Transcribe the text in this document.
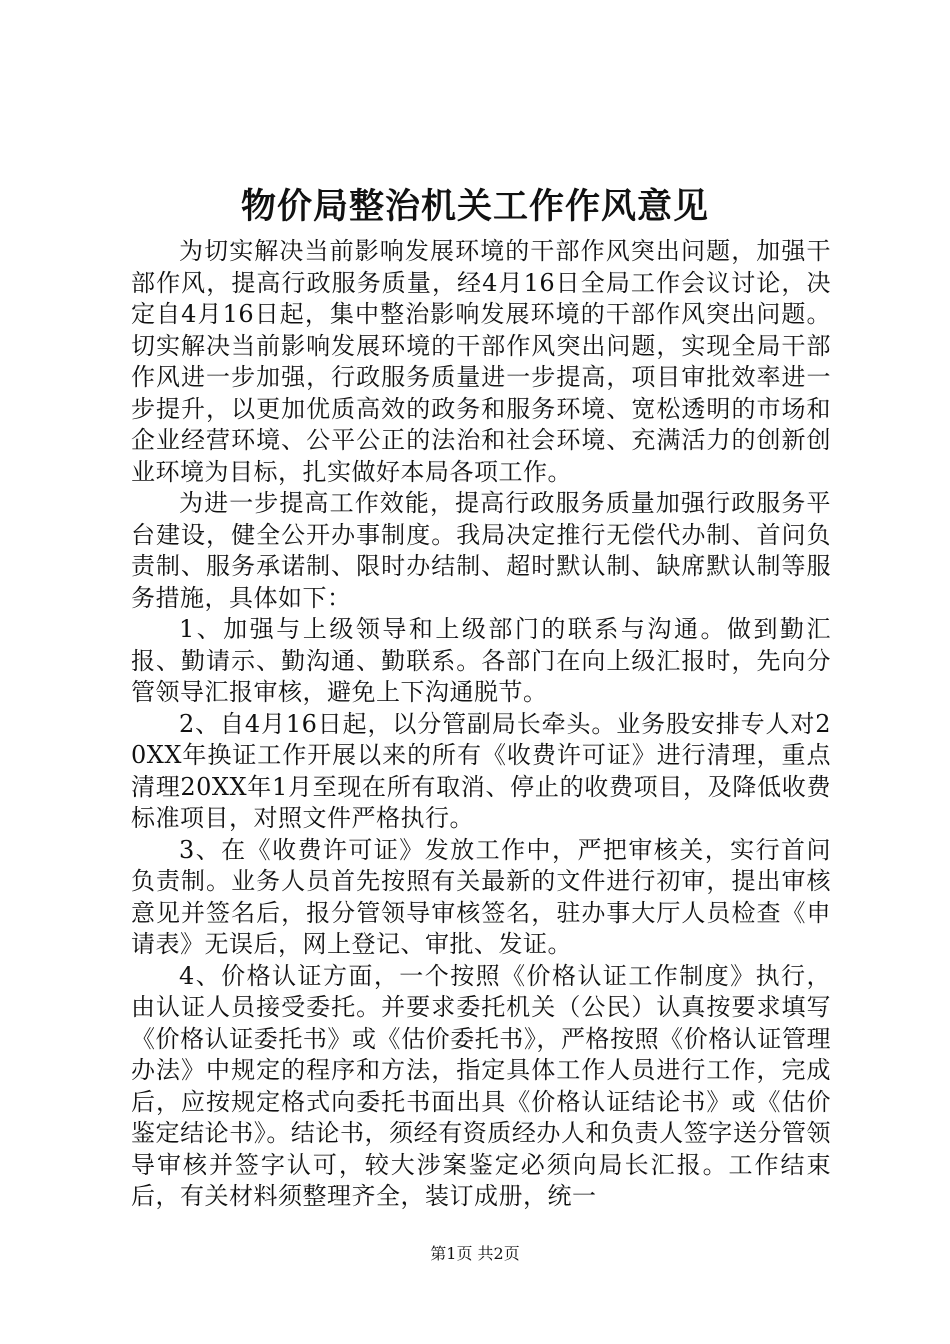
物价局整治机关工作作风意见

为切实解决当前影响发展环境的干部作风突出问题，加强干部作风，提高行政服务质量，经4月16日全局工作会议讨论，决定自4月16日起，集中整治影响发展环境的干部作风突出问题。切实解决当前影响发展环境的干部作风突出问题，实现全局干部作风进一步加强，行政服务质量进一步提高，项目审批效率进一步提升，以更加优质高效的政务和服务环境、宽松透明的市场和企业经营环境、公平公正的法治和社会环境、充满活力的创新创业环境为目标，扎实做好本局各项工作。

为进一步提高工作效能，提高行政服务质量加强行政服务平台建设，健全公开办事制度。我局决定推行无偿代办制、首问负责制、服务承诺制、限时办结制、超时默认制、缺席默认制等服务措施，具体如下：

1、加强与上级领导和上级部门的联系与沟通。做到勤汇报、勤请示、勤沟通、勤联系。各部门在向上级汇报时，先向分管领导汇报审核，避免上下沟通脱节。

2、自4月16日起，以分管副局长牵头。业务股安排专人对20XX年换证工作开展以来的所有《收费许可证》进行清理，重点清理20XX年1月至现在所有取消、停止的收费项目，及降低收费标准项目，对照文件严格执行。

3、在《收费许可证》发放工作中，严把审核关，实行首问负责制。业务人员首先按照有关最新的文件进行初审，提出审核意见并签名后，报分管领导审核签名，驻办事大厅人员检查《申请表》无误后，网上登记、审批、发证。

4、价格认证方面，一个按照《价格认证工作制度》执行，由认证人员接受委托。并要求委托机关（公民）认真按要求填写《价格认证委托书》或《估价委托书》，严格按照《价格认证管理办法》中规定的程序和方法，指定具体工作人员进行工作，完成后，应按规定格式向委托书面出具《价格认证结论书》或《估价鉴定结论书》。结论书，须经有资质经办人和负责人签字送分管领导审核并签字认可，较大涉案鉴定必须向局长汇报。工作结束后，有关材料须整理齐全，装订成册，统一

第1页 共2页
